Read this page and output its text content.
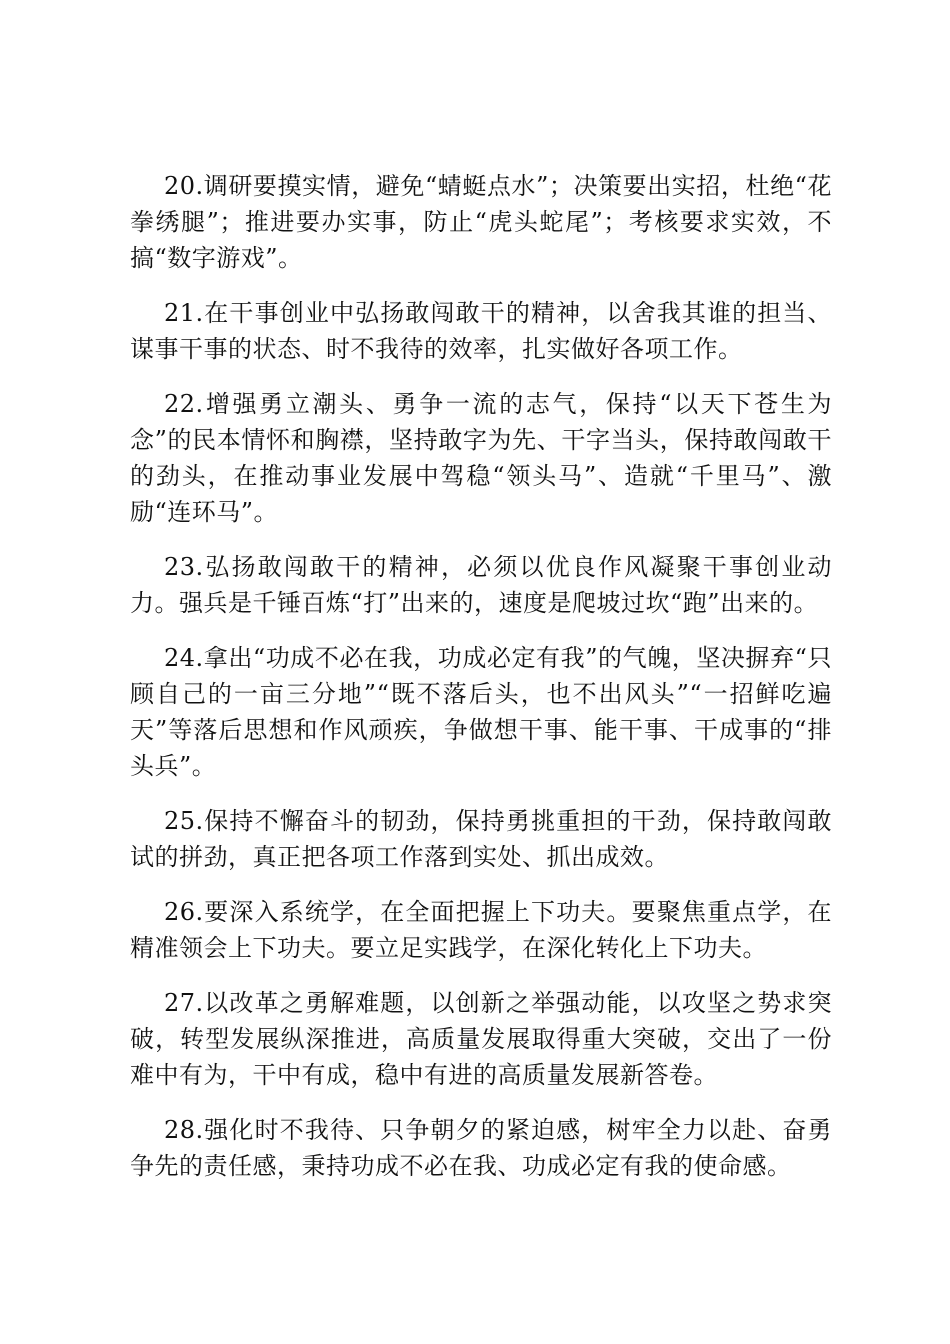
20.调研要摸实情，避免“蜻蜓点水”；决策要出实招，杜绝“花拳绣腿”；推进要办实事，防止“虎头蛇尾”；考核要求实效，不搞“数字游戏”。

21.在干事创业中弘扬敢闯敢干的精神，以舍我其谁的担当、谋事干事的状态、时不我待的效率，扎实做好各项工作。

22.增强勇立潮头、勇争一流的志气，保持“以天下苍生为念”的民本情怀和胸襟，坚持敢字为先、干字当头，保持敢闯敢干的劲头，在推动事业发展中驾稳“领头马”、造就“千里马”、激励“连环马”。

23.弘扬敢闯敢干的精神，必须以优良作风凝聚干事创业动力。强兵是千锤百炼“打”出来的，速度是爬坡过坎“跑”出来的。

24.拿出“功成不必在我，功成必定有我”的气魄，坚决摒弃“只顾自己的一亩三分地”“既不落后头，也不出风头”“一招鲜吃遍天”等落后思想和作风顽疾，争做想干事、能干事、干成事的“排头兵”。

25.保持不懈奋斗的韧劲，保持勇挑重担的干劲，保持敢闯敢试的拼劲，真正把各项工作落到实处、抓出成效。

26.要深入系统学，在全面把握上下功夫。要聚焦重点学，在精准领会上下功夫。要立足实践学，在深化转化上下功夫。

27.以改革之勇解难题，以创新之举强动能，以攻坚之势求突破，转型发展纵深推进，高质量发展取得重大突破，交出了一份难中有为，干中有成，稳中有进的高质量发展新答卷。

28.强化时不我待、只争朝夕的紧迫感，树牢全力以赴、奋勇争先的责任感，秉持功成不必在我、功成必定有我的使命感。
